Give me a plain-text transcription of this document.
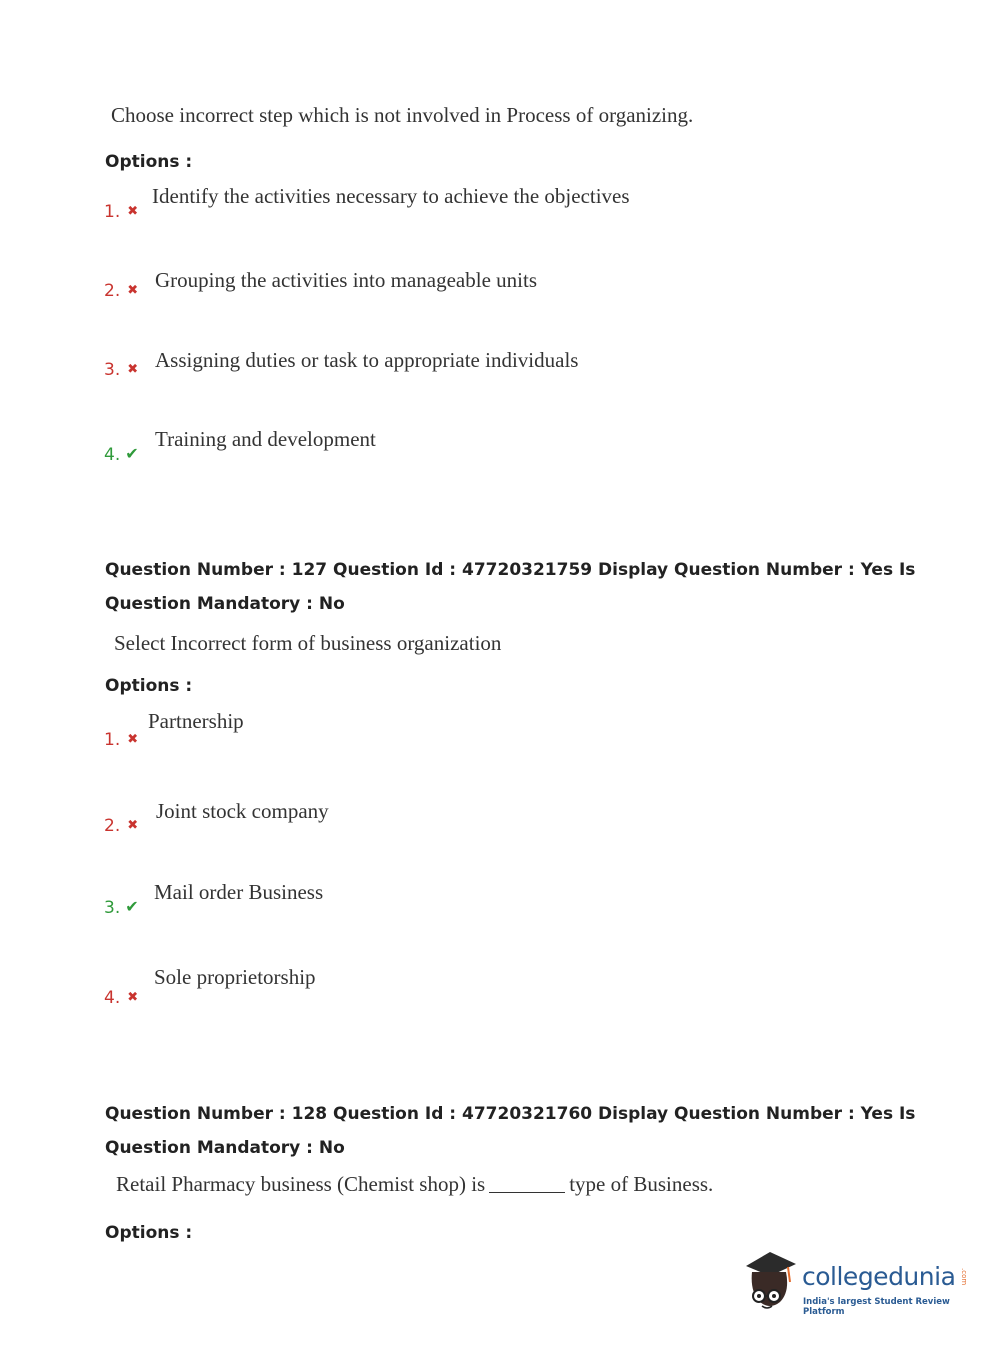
Choose incorrect step which is not involved in Process of organizing.
Options :
1. ✖
Identify the activities necessary to achieve the objectives
2. ✖ Grouping the activities into manageable units
3. ✖ Assigning duties or task to appropriate individuals
4. ✔
Training and development
Question Number : 127 Question Id : 47720321759 Display Question Number : Yes Is Question Mandatory : No
Select Incorrect form of business organization
Options :
1. ✖
Partnership
2. ✖
Joint stock company
3. ✔
Mail order Business
4. ✖
Sole proprietorship
Question Number : 128 Question Id : 47720321760 Display Question Number : Yes Is Question Mandatory : No
Retail Pharmacy business (Chemist shop) is	type of Business.
Options :
collegedunia .com
India's largest Student Review Platform
